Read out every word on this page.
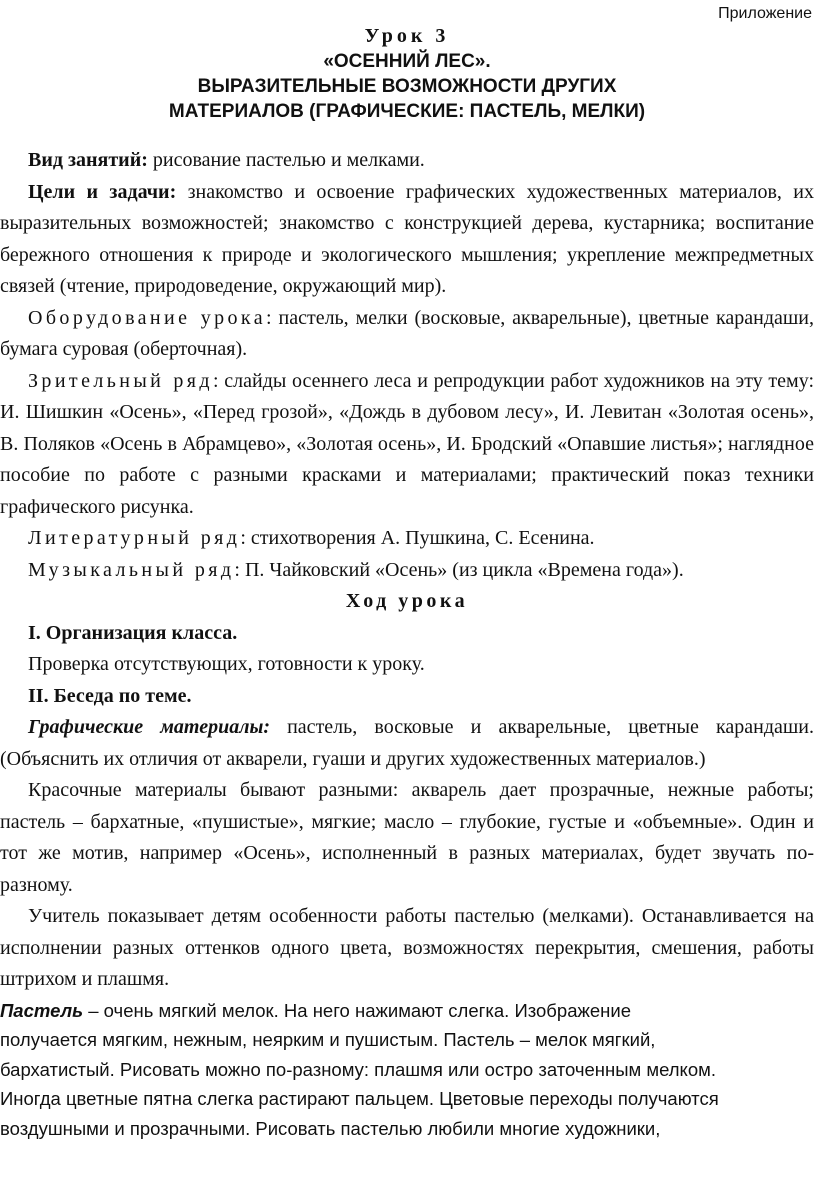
Приложение

Урок 3

«ОСЕННИЙ ЛЕС».

ВЫРАЗИТЕЛЬНЫЕ ВОЗМОЖНОСТИ ДРУГИХ

МАТЕРИАЛОВ (ГРАФИЧЕСКИЕ: ПАСТЕЛЬ, МЕЛКИ)

Вид занятий: рисование пастелью и мелками.

Цели и задачи: знакомство и освоение графических художественных материалов, их выразительных возможностей; знакомство с конструкцией дерева, кустарника; воспитание бережного отношения к природе и экологического мышления; укрепление межпредметных связей (чтение, природоведение, окружающий мир).

Оборудование урока: пастель, мелки (восковые, акварельные), цветные карандаши, бумага суровая (оберточная).

Зрительный ряд: слайды осеннего леса и репродукции работ художников на эту тему: И. Шишкин «Осень», «Перед грозой», «Дождь в дубовом лесу», И. Левитан «Золотая осень», В. Поляков «Осень в Абрамцево», «Золотая осень», И. Бродский «Опавшие листья»; наглядное пособие по работе с разными красками и материалами; практический показ техники графического рисунка.

Литературный ряд: стихотворения А. Пушкина, С. Есенина.

Музыкальный ряд: П. Чайковский «Осень» (из цикла «Времена года»).

Ход урока

I. Организация класса.

Проверка отсутствующих, готовности к уроку.

II. Беседа по теме.

Графические материалы: пастель, восковые и акварельные, цветные карандаши. (Объяснить их отличия от акварели, гуаши и других художественных материалов.)

Красочные материалы бывают разными: акварель дает прозрачные, нежные работы; пастель – бархатные, «пушистые», мягкие; масло – глубокие, густые и «объемные». Один и тот же мотив, например «Осень», исполненный в разных материалах, будет звучать по-разному.

Учитель показывает детям особенности работы пастелью (мелками). Останавливается на исполнении разных оттенков одного цвета, возможностях перекрытия, смешения, работы штрихом и плашмя.

Пастель – очень мягкий мелок. На него нажимают слегка. Изображение

получается мягким, нежным, неярким и пушистым. Пастель – мелок мягкий,

бархатистый. Рисовать можно по-разному: плашмя или остро заточенным мелком.

Иногда цветные пятна слегка растирают пальцем. Цветовые переходы получаются

воздушными и прозрачными. Рисовать пастелью любили многие художники,
